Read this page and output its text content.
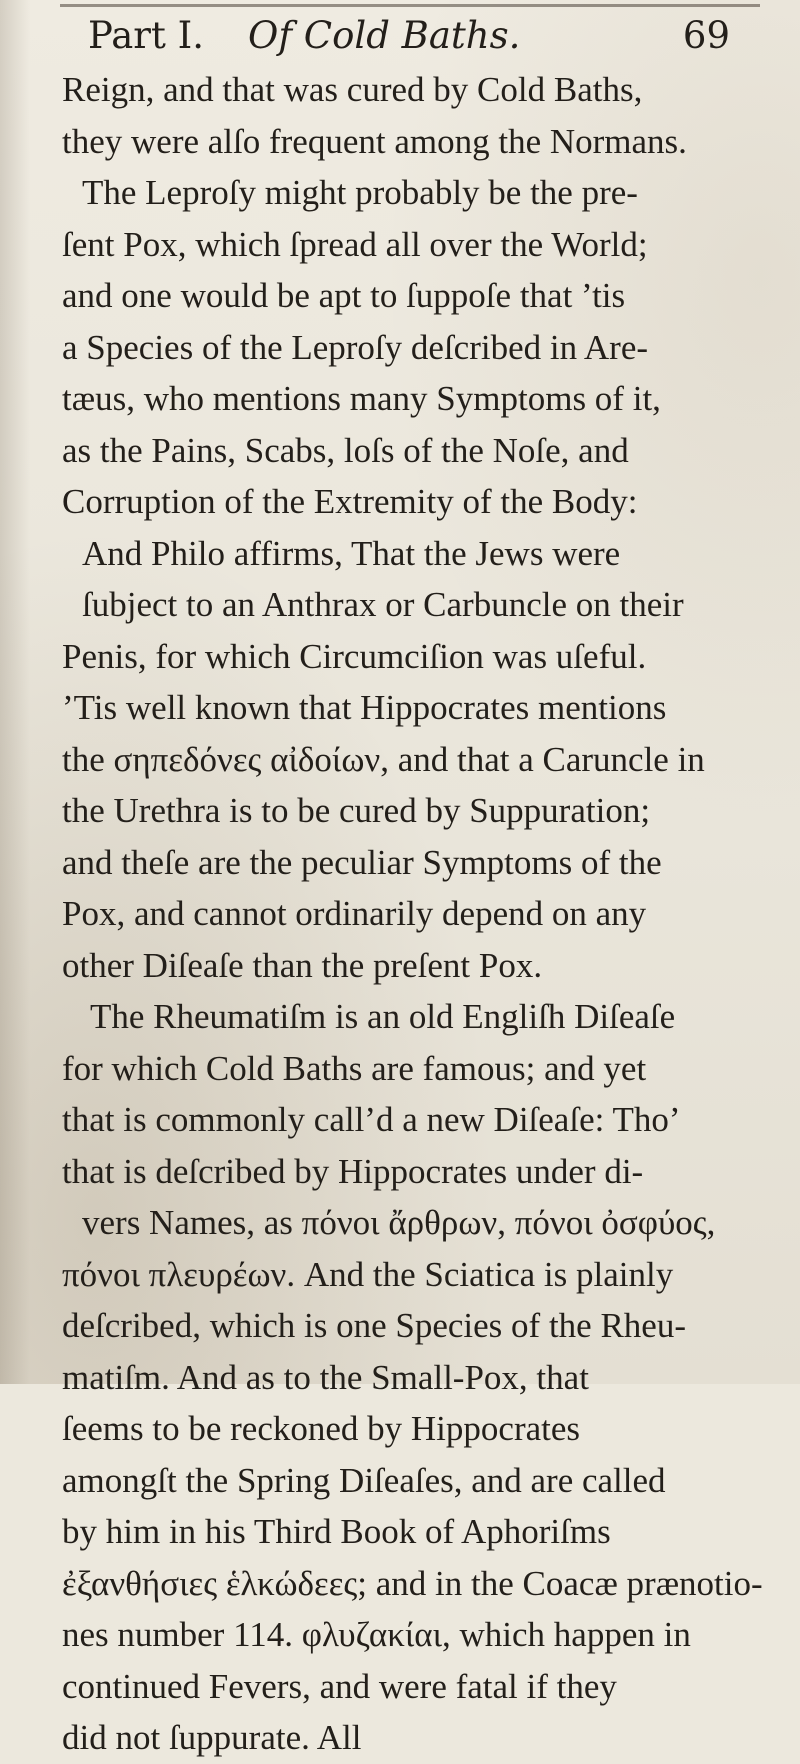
Part I. Of Cold Baths.	69
Reign, and that was cured by Cold Baths,
they were alſo frequent among the Normans.
The Leproſy might probably be the pre-
ſent Pox, which ſpread all over the World;
and one would be apt to ſuppoſe that ’tis
a Species of the Leproſy deſcribed in Are-
tæus, who mentions many Symptoms of it,
as the Pains, Scabs, loſs of the Noſe, and
Corruption of the Extremity of the Body:
And Philo affirms, That the Jews were
ſubject to an Anthrax or Carbuncle on their
Penis, for which Circumciſion was uſeful.
’Tis well known that Hippocrates mentions
the σηπεδόνες αἰδοίων, and that a Caruncle in
the Urethra is to be cured by Suppuration;
and theſe are the peculiar Symptoms of the
Pox, and cannot ordinarily depend on any
other Diſeaſe than the preſent Pox.
The Rheumatiſm is an old Engliſh Diſeaſe
for which Cold Baths are famous; and yet
that is commonly call’d a new Diſeaſe: Tho’
that is deſcribed by Hippocrates under di-
vers Names, as πόνοι ἄρθρων, πόνοι ὀσφύος,
πόνοι πλευρέων. And the Sciatica is plainly
deſcribed, which is one Species of the Rheu-
matiſm. And as to the Small-Pox, that
ſeems to be reckoned by Hippocrates
amongſt the Spring Diſeaſes, and are called
by him in his Third Book of Aphoriſms
ἐξανθήσιες ἑλκώδεες; and in the Coacæ prænotio-
nes number 114. φλυζακίαι, which happen in
continued Fevers, and were fatal if they
did not ſuppurate. All
